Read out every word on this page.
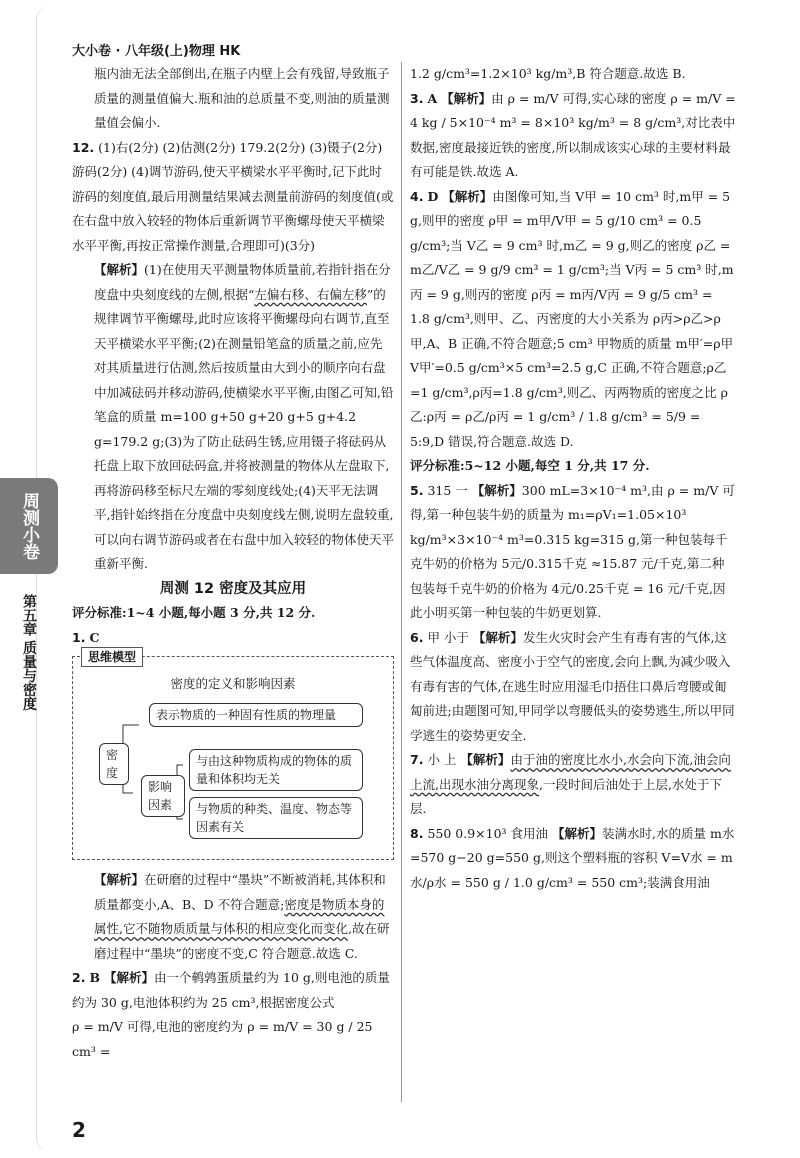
大小卷 · 八年级(上)物理 HK
周测小卷
第五章 质量与密度

瓶内油无法全部倒出,在瓶子内壁上会有残留,导致瓶子质量的测量值偏大.瓶和油的总质量不变,则油的质量测量值会偏小.

12. (1)右(2分) (2)估测(2分) 179.2(2分) (3)镊子(2分) 游码(2分) (4)调节游码,使天平横梁水平平衡时,记下此时游码的刻度值,最后用测量结果减去测量前游码的刻度值(或在右盘中放入较轻的物体后重新调节平衡螺母使天平横梁水平平衡,再按正常操作测量,合理即可)(3分)

【解析】(1)在使用天平测量物体质量前,若指针指在分度盘中央刻度线的左侧,根据“左偏右移、右偏左移”的规律调节平衡螺母,此时应该将平衡螺母向右调节,直至天平横梁水平平衡;(2)在测量铅笔盒的质量之前,应先对其质量进行估测,然后按质量由大到小的顺序向右盘中加减砝码并移动游码,使横梁水平平衡,由图乙可知,铅笔盒的质量 m=100 g+50 g+20 g+5 g+4.2 g=179.2 g;(3)为了防止砝码生锈,应用镊子将砝码从托盘上取下放回砝码盒,并将被测量的物体从左盘取下,再将游码移至标尺左端的零刻度线处;(4)天平无法调平,指针始终指在分度盘中央刻度线左侧,说明左盘较重,可以向右调节游码或者在右盘中加入较轻的物体使天平重新平衡.

周测 12 密度及其应用

评分标准:1~4 小题,每小题 3 分,共 12 分.

1. C

思维模型
密度的定义和影响因素
密度
表示物质的一种固有性质的物理量
影响因素
与由这种物质构成的物体的质量和体积均无关
与物质的种类、温度、物态等因素有关

【解析】在研磨的过程中“墨块”不断被消耗,其体积和质量都变小,A、B、D 不符合题意;密度是物质本身的属性,它不随物质质量与体积的相应变化而变化,故在研磨过程中“墨块”的密度不变,C 符合题意.故选 C.

2. B 【解析】由一个鹌鹑蛋质量约为 10 g,则电池的质量约为 30 g,电池体积约为 25 cm³,根据密度公式

ρ = m/V 可得,电池的密度约为 ρ = m/V = 30 g / 25 cm³ =

1.2 g/cm³=1.2×10³ kg/m³,B 符合题意.故选 B.

3. A 【解析】由 ρ = m/V 可得,实心球的密度 ρ = m/V = 4 kg / 5×10⁻⁴ m³ = 8×10³ kg/m³ = 8 g/cm³,对比表中数据,密度最接近铁的密度,所以制成该实心球的主要材料最有可能是铁.故选 A.

4. D 【解析】由图像可知,当 V甲 = 10 cm³ 时,m甲 = 5 g,则甲的密度 ρ甲 = m甲/V甲 = 5 g/10 cm³ = 0.5 g/cm³;当 V乙 = 9 cm³ 时,m乙 = 9 g,则乙的密度 ρ乙 = m乙/V乙 = 9 g/9 cm³ = 1 g/cm³;当 V丙 = 5 cm³ 时,m丙 = 9 g,则丙的密度 ρ丙 = m丙/V丙 = 9 g/5 cm³ = 1.8 g/cm³,则甲、乙、丙密度的大小关系为 ρ丙>ρ乙>ρ甲,A、B 正确,不符合题意;5 cm³ 甲物质的质量 m甲′=ρ甲 V甲′=0.5 g/cm³×5 cm³=2.5 g,C 正确,不符合题意;ρ乙=1 g/cm³,ρ丙=1.8 g/cm³,则乙、丙两物质的密度之比 ρ乙:ρ丙 = ρ乙/ρ丙 = 1 g/cm³ / 1.8 g/cm³ = 5/9 = 5:9,D 错误,符合题意.故选 D.

评分标准:5~12 小题,每空 1 分,共 17 分.

5. 315 一 【解析】300 mL=3×10⁻⁴ m³,由 ρ = m/V 可得,第一种包装牛奶的质量为 m₁=ρV₁=1.05×10³ kg/m³×3×10⁻⁴ m³=0.315 kg=315 g,第一种包装每千克牛奶的价格为 5元/0.315千克 ≈15.87 元/千克,第二种包装每千克牛奶的价格为 4元/0.25千克 = 16 元/千克,因此小明买第一种包装的牛奶更划算.

6. 甲 小于 【解析】发生火灾时会产生有毒有害的气体,这些气体温度高、密度小于空气的密度,会向上飘,为减少吸入有毒有害的气体,在逃生时应用湿毛巾捂住口鼻后弯腰或匍匐前进;由题图可知,甲同学以弯腰低头的姿势逃生,所以甲同学逃生的姿势更安全.

7. 小 上 【解析】由于油的密度比水小,水会向下流,油会向上流,出现水油分离现象,一段时间后油处于上层,水处于下层.

8. 550 0.9×10³ 食用油 【解析】装满水时,水的质量 m水=570 g−20 g=550 g,则这个塑料瓶的容积 V=V水 = m水/ρ水 = 550 g / 1.0 g/cm³ = 550 cm³;装满食用油

2
